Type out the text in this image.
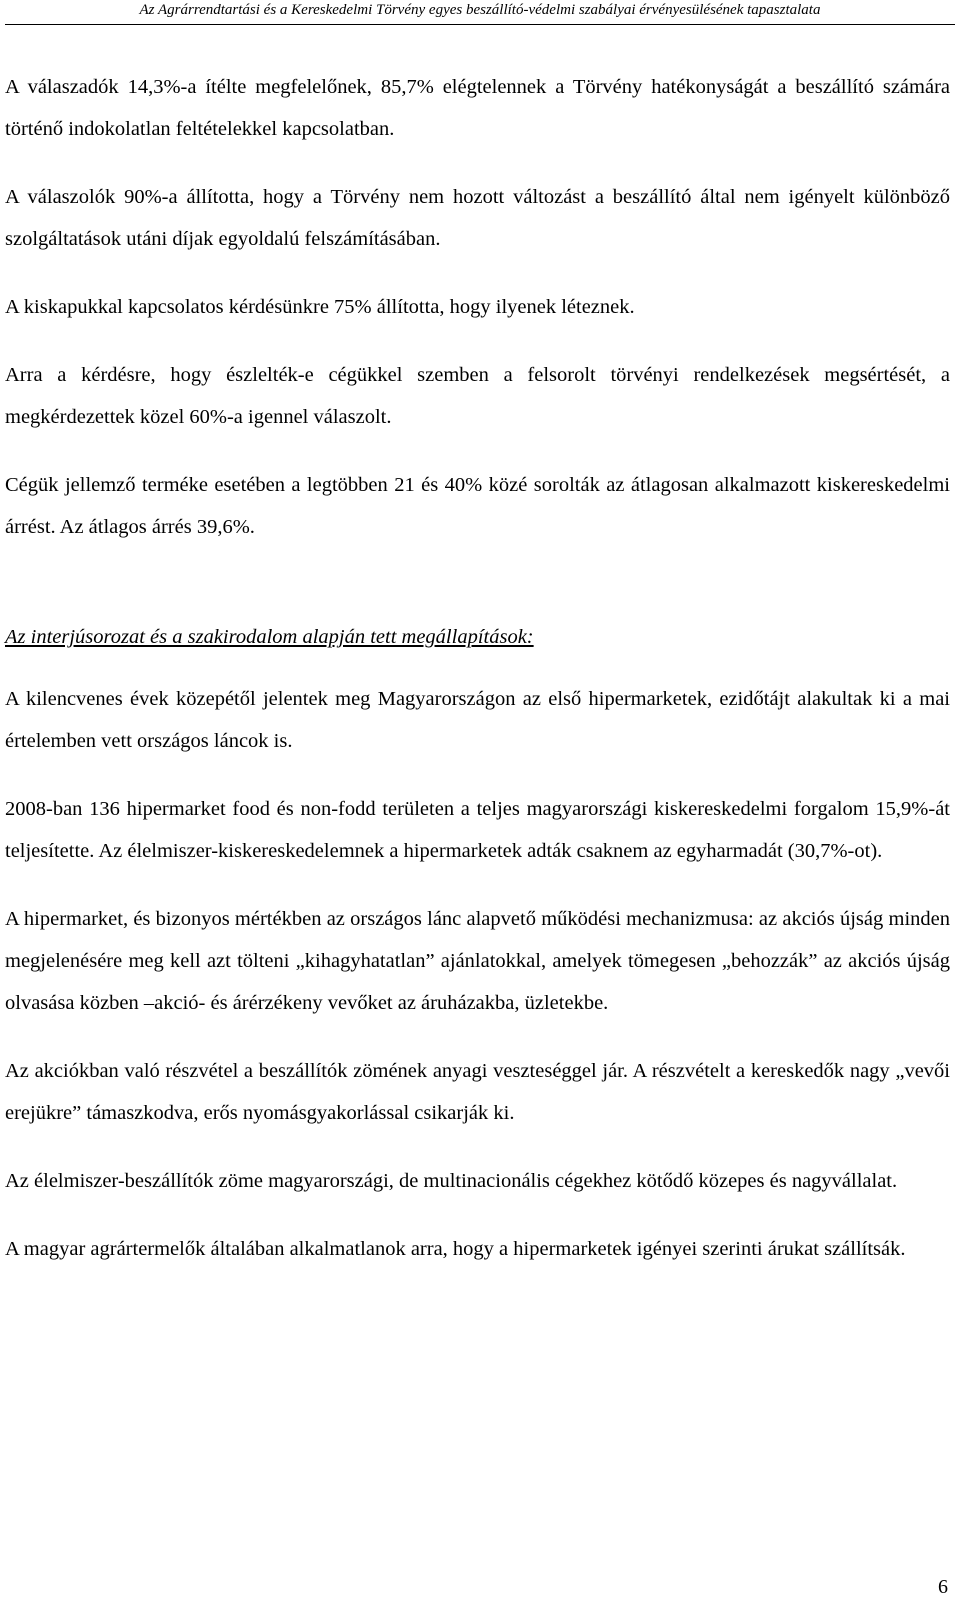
Az Agrárrendtartási és a Kereskedelmi Törvény egyes beszállító-védelmi szabályai érvényesülésének tapasztalata

A válaszadók 14,3%-a ítélte megfelelőnek, 85,7% elégtelennek a Törvény hatékonyságát a beszállító számára történő indokolatlan feltételekkel kapcsolatban.

A válaszolók 90%-a állította, hogy a Törvény nem hozott változást a beszállító által nem igényelt különböző szolgáltatások utáni díjak egyoldalú felszámításában.

A kiskapukkal kapcsolatos kérdésünkre 75% állította, hogy ilyenek léteznek.

Arra a kérdésre, hogy észlelték-e cégükkel szemben a felsorolt törvényi rendelkezések megsértését, a megkérdezettek közel 60%-a igennel válaszolt.

Cégük jellemző terméke esetében a legtöbben 21 és 40% közé sorolták az átlagosan alkalmazott kiskereskedelmi árrést. Az átlagos árrés 39,6%.

Az interjúsorozat és a szakirodalom alapján tett megállapítások:

A kilencvenes évek közepétől jelentek meg Magyarországon az első hipermarketek, ezidőtájt alakultak ki a mai értelemben vett országos láncok is.

2008-ban 136 hipermarket food és non-fodd területen a teljes magyarországi kiskereskedelmi forgalom 15,9%-át teljesítette. Az élelmiszer-kiskereskedelemnek a hipermarketek adták csaknem az egyharmadát (30,7%-ot).

A hipermarket, és bizonyos mértékben az országos lánc alapvető működési mechanizmusa: az akciós újság minden megjelenésére meg kell azt tölteni „kihagyhatatlan” ajánlatokkal, amelyek tömegesen „behozzák” az akciós újság olvasása közben –akció- és árérzékeny vevőket az áruházakba, üzletekbe.

Az akciókban való részvétel a beszállítók zömének anyagi veszteséggel jár. A részvételt a kereskedők nagy „vevői erejükre” támaszkodva, erős nyomásgyakorlással csikarják ki.

Az élelmiszer-beszállítók zöme magyarországi, de multinacionális cégekhez kötődő közepes és nagyvállalat.

A magyar agrártermelők általában alkalmatlanok arra, hogy a hipermarketek igényei szerinti árukat szállítsák.

6
